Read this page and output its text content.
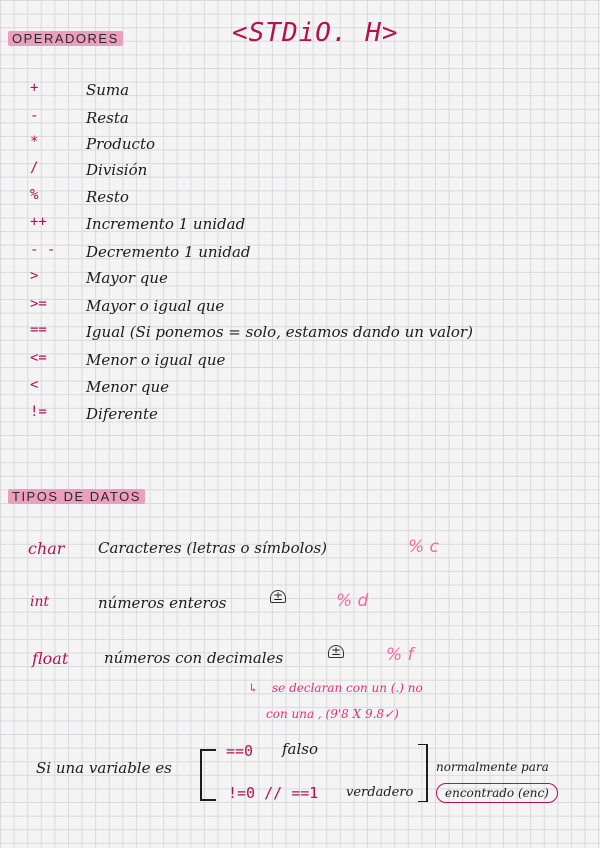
OPERADORES	<STDiO. H>
+	Suma
-	Resta
*	Producto
/	División
%	Resto
++	Incremento 1 unidad
- - Decremento 1 unidad
>	Mayor que
>=	Mayor o igual que
==	Igual (Si ponemos = solo, estamos dando un valor)
<=	Menor o igual que
<	Menor que
!=	Diferente
TIPOS DE DATOS
char Caracteres (letras o símbolos)	% c
int	números enteros	±	% d
float números con decimales	±	% f
↳ se declaran con un (.) no
con una , (9'8 X 9.8✓)
Si una variable es
==0 falso
!=0 // ==1 verdadero
normalmente para
encontrado (enc)
